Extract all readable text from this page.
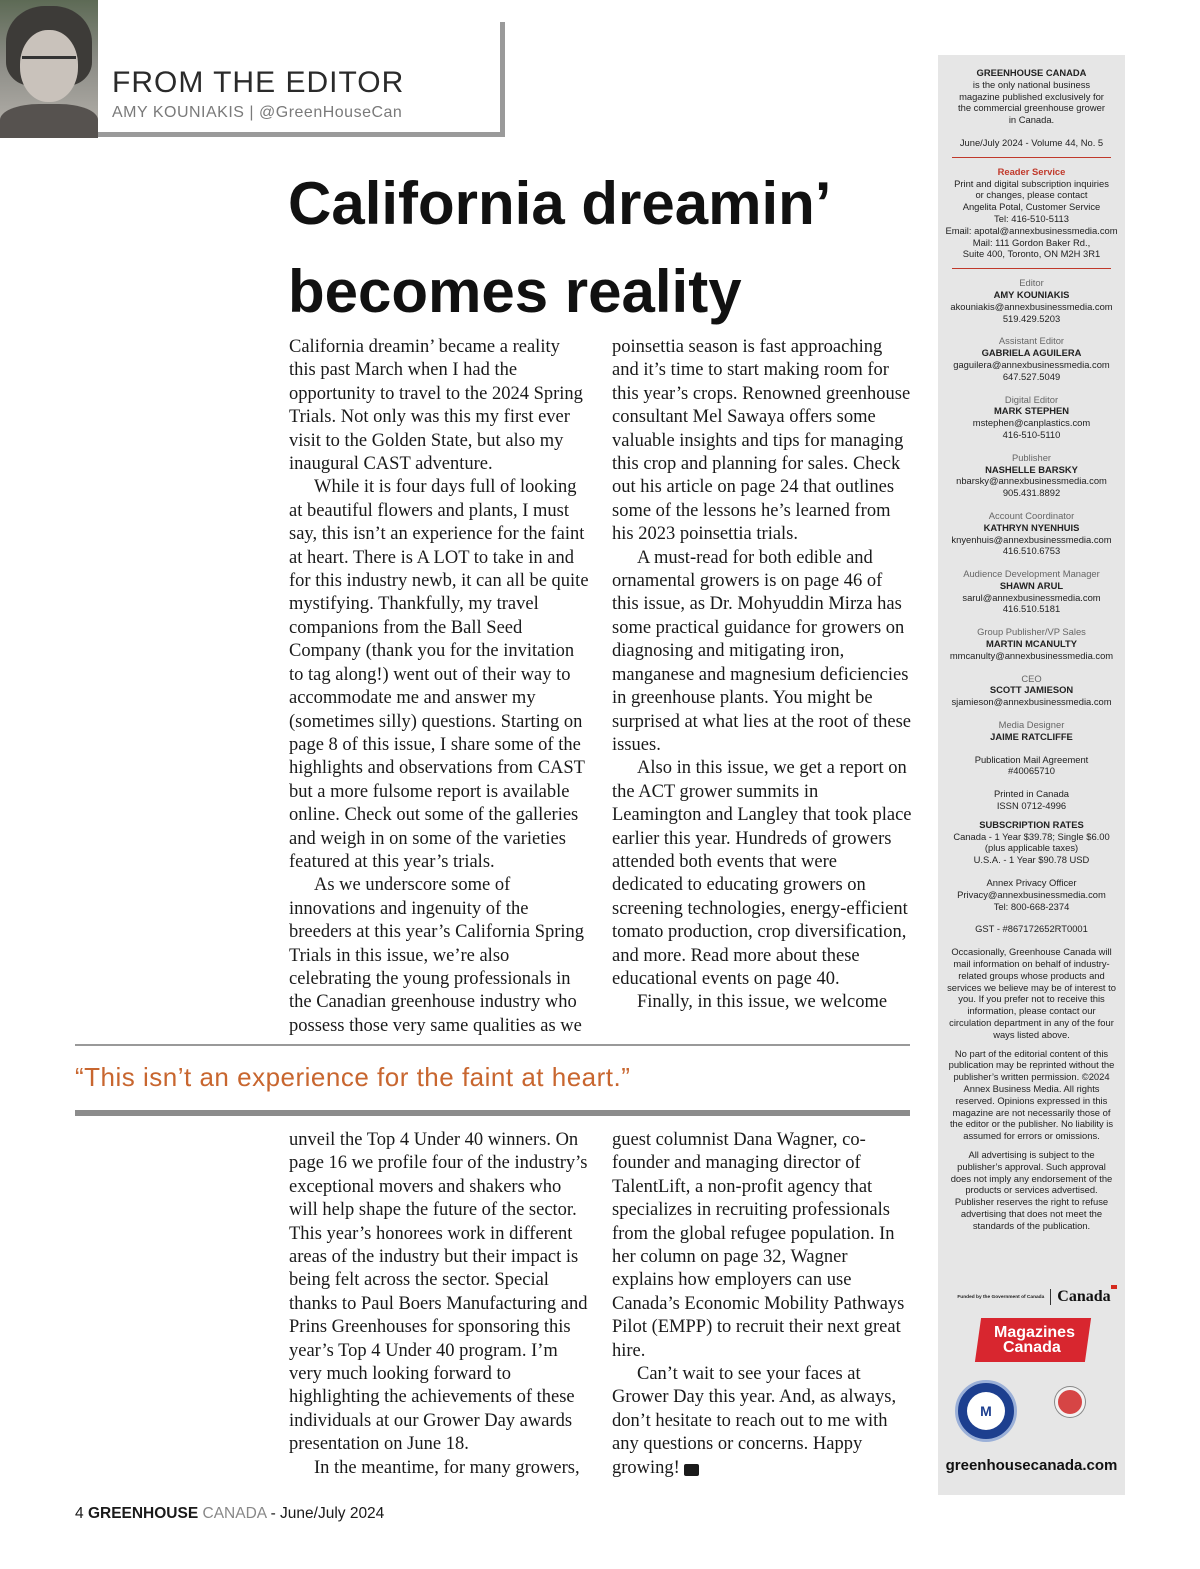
FROM THE EDITOR
AMY KOUNIAKIS | @GreenHouseCan
California dreamin’
becomes reality

California dreamin’ became a reality this past March when I had the opportunity to travel to the 2024 Spring Trials. Not only was this my first ever visit to the Golden State, but also my inaugural CAST adventure.

While it is four days full of looking at beautiful flowers and plants, I must say, this isn’t an experience for the faint at heart. There is A LOT to take in and for this industry newb, it can all be quite mystifying. Thankfully, my travel companions from the Ball Seed Company (thank you for the invitation to tag along!) went out of their way to accommodate me and answer my (sometimes silly) questions. Starting on page 8 of this issue, I share some of the highlights and observations from CAST but a more fulsome report is available online. Check out some of the galleries and weigh in on some of the varieties featured at this year’s trials.

As we underscore some of innovations and ingenuity of the breeders at this year’s California Spring Trials in this issue, we’re also celebrating the young professionals in the Canadian greenhouse industry who possess those very same qualities as we

poinsettia season is fast approaching and it’s time to start making room for this year’s crops. Renowned greenhouse consultant Mel Sawaya offers some valuable insights and tips for managing this crop and planning for sales. Check out his article on page 24 that outlines some of the lessons he’s learned from his 2023 poinsettia trials.

A must-read for both edible and ornamental growers is on page 46 of this issue, as Dr. Mohyuddin Mirza has some practical guidance for growers on diagnosing and mitigating iron, manganese and magnesium deficiencies in greenhouse plants. You might be surprised at what lies at the root of these issues.

Also in this issue, we get a report on the ACT grower summits in Leamington and Langley that took place earlier this year. Hundreds of growers attended both events that were dedicated to educating growers on screening technologies, energy-efficient tomato production, crop diversification, and more. Read more about these educational events on page 40.

Finally, in this issue, we welcome

“This isn’t an experience for the faint at heart.”

unveil the Top 4 Under 40 winners. On page 16 we profile four of the industry’s exceptional movers and shakers who will help shape the future of the sector. This year’s honorees work in different areas of the industry but their impact is being felt across the sector. Special thanks to Paul Boers Manufacturing and Prins Greenhouses for sponsoring this year’s Top 4 Under 40 program. I’m very much looking forward to highlighting the achievements of these individuals at our Grower Day awards presentation on June 18.

In the meantime, for many growers,

guest columnist Dana Wagner, co-founder and managing director of TalentLift, a non-profit agency that specializes in recruiting professionals from the global refugee population. In her column on page 32, Wagner explains how employers can use Canada’s Economic Mobility Pathways Pilot (EMPP) to recruit their next great hire.

Can’t wait to see your faces at Grower Day this year. And, as always, don’t hesitate to reach out to me with any questions or concerns. Happy growing!	GC

4 GREENHOUSE CANADA - June/July 2024

GREENHOUSE CANADA

is the only national business magazine published exclusively for the commercial greenhouse grower in Canada.

June/July 2024 - Volume 44, No. 5

Reader Service

Print and digital subscription inquiries

or changes, please contact

Angelita Potal, Customer Service

Tel: 416-510-5113

Email: apotal@annexbusinessmedia.com

Mail: 111 Gordon Baker Rd.,

Suite 400, Toronto, ON M2H 3R1

Editor

AMY KOUNIAKIS

akouniakis@annexbusinessmedia.com

519.429.5203

Assistant Editor

GABRIELA AGUILERA

gaguilera@annexbusinessmedia.com

647.527.5049

Digital Editor

MARK STEPHEN

mstephen@canplastics.com

416-510-5110

Publisher

NASHELLE BARSKY

nbarsky@annexbusinessmedia.com

905.431.8892

Account Coordinator

KATHRYN NYENHUIS

knyenhuis@annexbusinessmedia.com

416.510.6753

Audience Development Manager

SHAWN ARUL

sarul@annexbusinessmedia.com

416.510.5181

Group Publisher/VP Sales

MARTIN MCANULTY

mmcanulty@annexbusinessmedia.com

CEO

SCOTT JAMIESON

sjamieson@annexbusinessmedia.com

Media Designer

JAIME RATCLIFFE

Publication Mail Agreement

#40065710

Printed in Canada

ISSN 0712-4996

SUBSCRIPTION RATES

Canada - 1 Year $39.78; Single $6.00

(plus applicable taxes)

U.S.A. - 1 Year $90.78 USD

Annex Privacy Officer

Privacy@annexbusinessmedia.com

Tel: 800-668-2374

GST - #867172652RT0001

Occasionally, Greenhouse Canada will mail information on behalf of industry-related groups whose products and services we believe may be of interest to you. If you prefer not to receive this information, please contact our circulation department in any of the four ways listed above.

No part of the editorial content of this publication may be reprinted without the publisher’s written permission. ©2024 Annex Business Media. All rights reserved. Opinions expressed in this magazine are not necessarily those of the editor or the publisher. No liability is assumed for errors or omissions.

All advertising is subject to the publisher’s approval. Such approval does not imply any endorsement of the products or services advertised. Publisher reserves the right to refuse advertising that does not meet the standards of the publication.

Funded by the Government of Canada Canada
Magazines
Canada
M
greenhousecanada.com
